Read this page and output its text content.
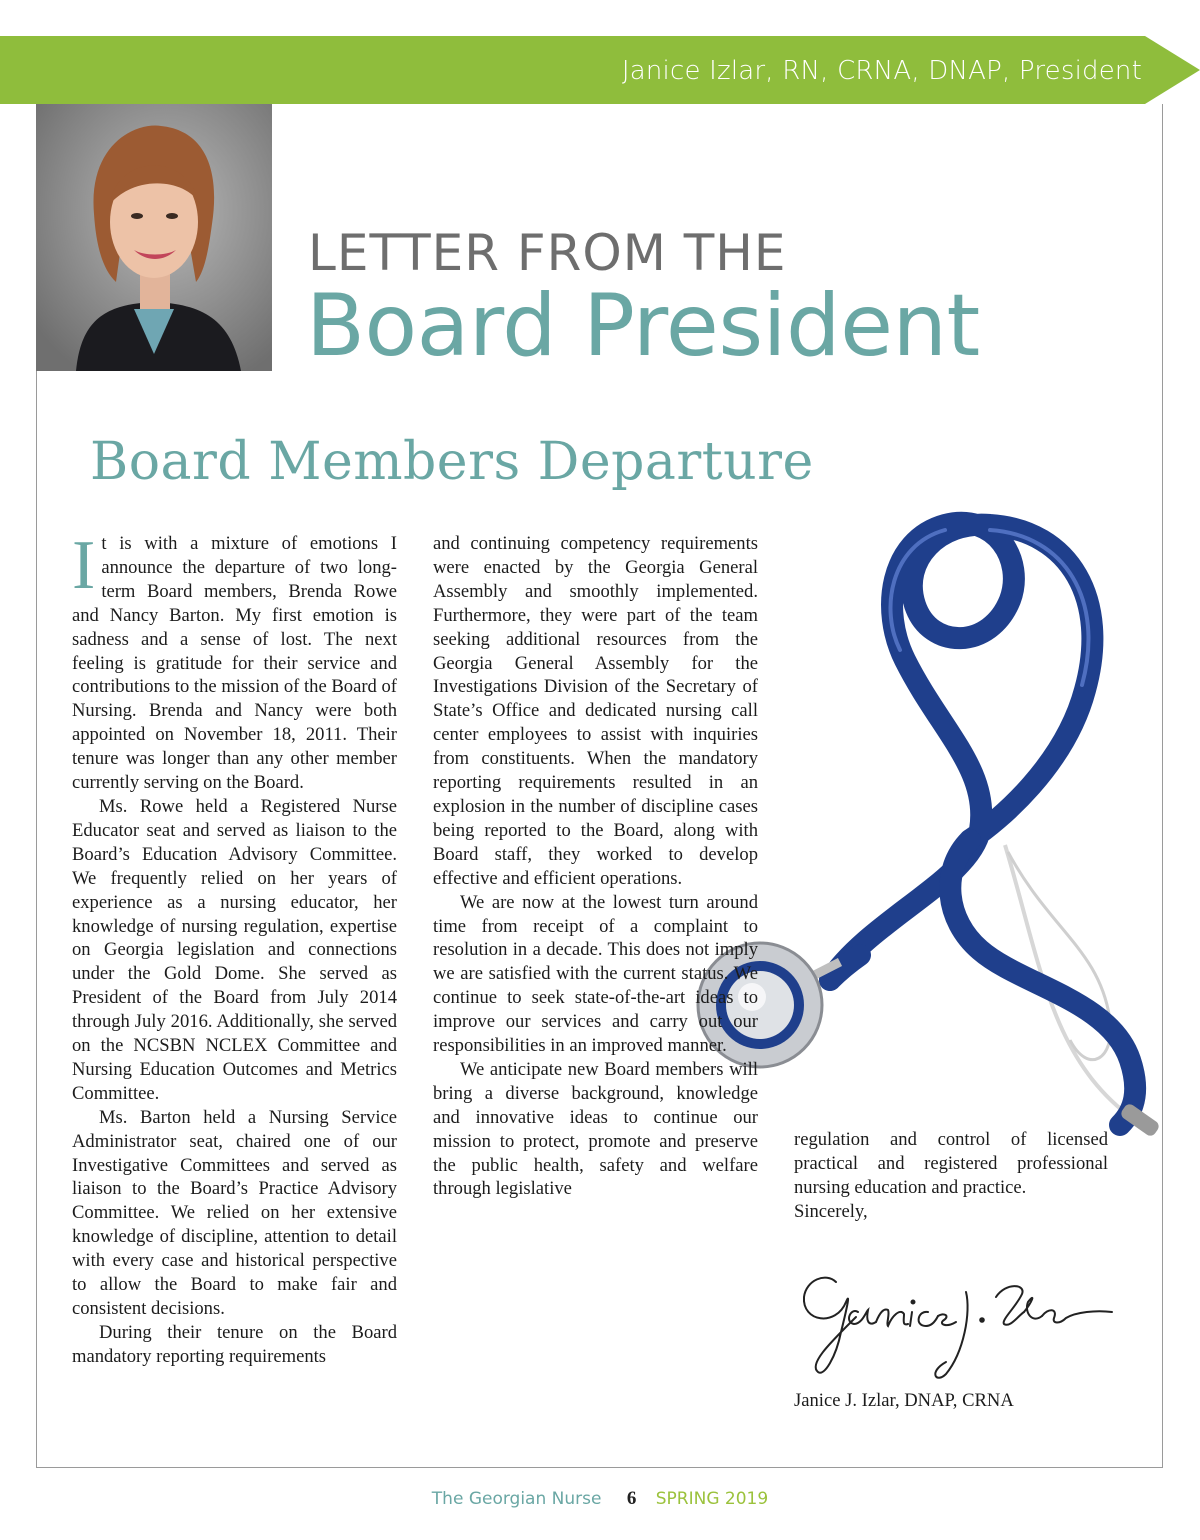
Janice Izlar, RN, CRNA, DNAP, President
LETTER FROM THE
Board President
Board Members Departure

It is with a mixture of emotions I announce the departure of two long-term Board members, Brenda Rowe and Nancy Barton. My first emotion is sadness and a sense of lost. The next feeling is gratitude for their service and contributions to the mission of the Board of Nursing. Brenda and Nancy were both appointed on November 18, 2011. Their tenure was longer than any other member currently serving on the Board.

Ms. Rowe held a Registered Nurse Educator seat and served as liaison to the Board’s Education Advisory Committee. We frequently relied on her years of experience as a nursing educator, her knowledge of nursing regulation, expertise on Georgia legislation and connections under the Gold Dome. She served as President of the Board from July 2014 through July 2016. Additionally, she served on the NCSBN NCLEX Committee and Nursing Education Outcomes and Metrics Committee.

Ms. Barton held a Nursing Service Administrator seat, chaired one of our Investigative Committees and served as liaison to the Board’s Practice Advisory Committee. We relied on her extensive knowledge of discipline, attention to detail with every case and historical perspective to allow the Board to make fair and consistent decisions.

During their tenure on the Board mandatory reporting requirements

and continuing competency requirements were enacted by the Georgia General Assembly and smoothly implemented. Furthermore, they were part of the team seeking additional resources from the Georgia General Assembly for the Investigations Division of the Secretary of State’s Office and dedicated nursing call center employees to assist with inquiries from constituents. When the mandatory reporting requirements resulted in an explosion in the number of discipline cases being reported to the Board, along with Board staff, they worked to develop effective and efficient operations.

We are now at the lowest turn around time from receipt of a complaint to resolution in a decade. This does not imply we are satisfied with the current status. We continue to seek state-of-the-art ideas to improve our services and carry out our responsibilities in an improved manner.

We anticipate new Board members will bring a diverse background, knowledge and innovative ideas to continue our mission to protect, promote and preserve the public health, safety and welfare through legislative

regulation and control of licensed practical and registered professional nursing education and practice.

Sincerely,

Janice J. Izlar, DNAP, CRNA
The Georgian Nurse 6 SPRING 2019
